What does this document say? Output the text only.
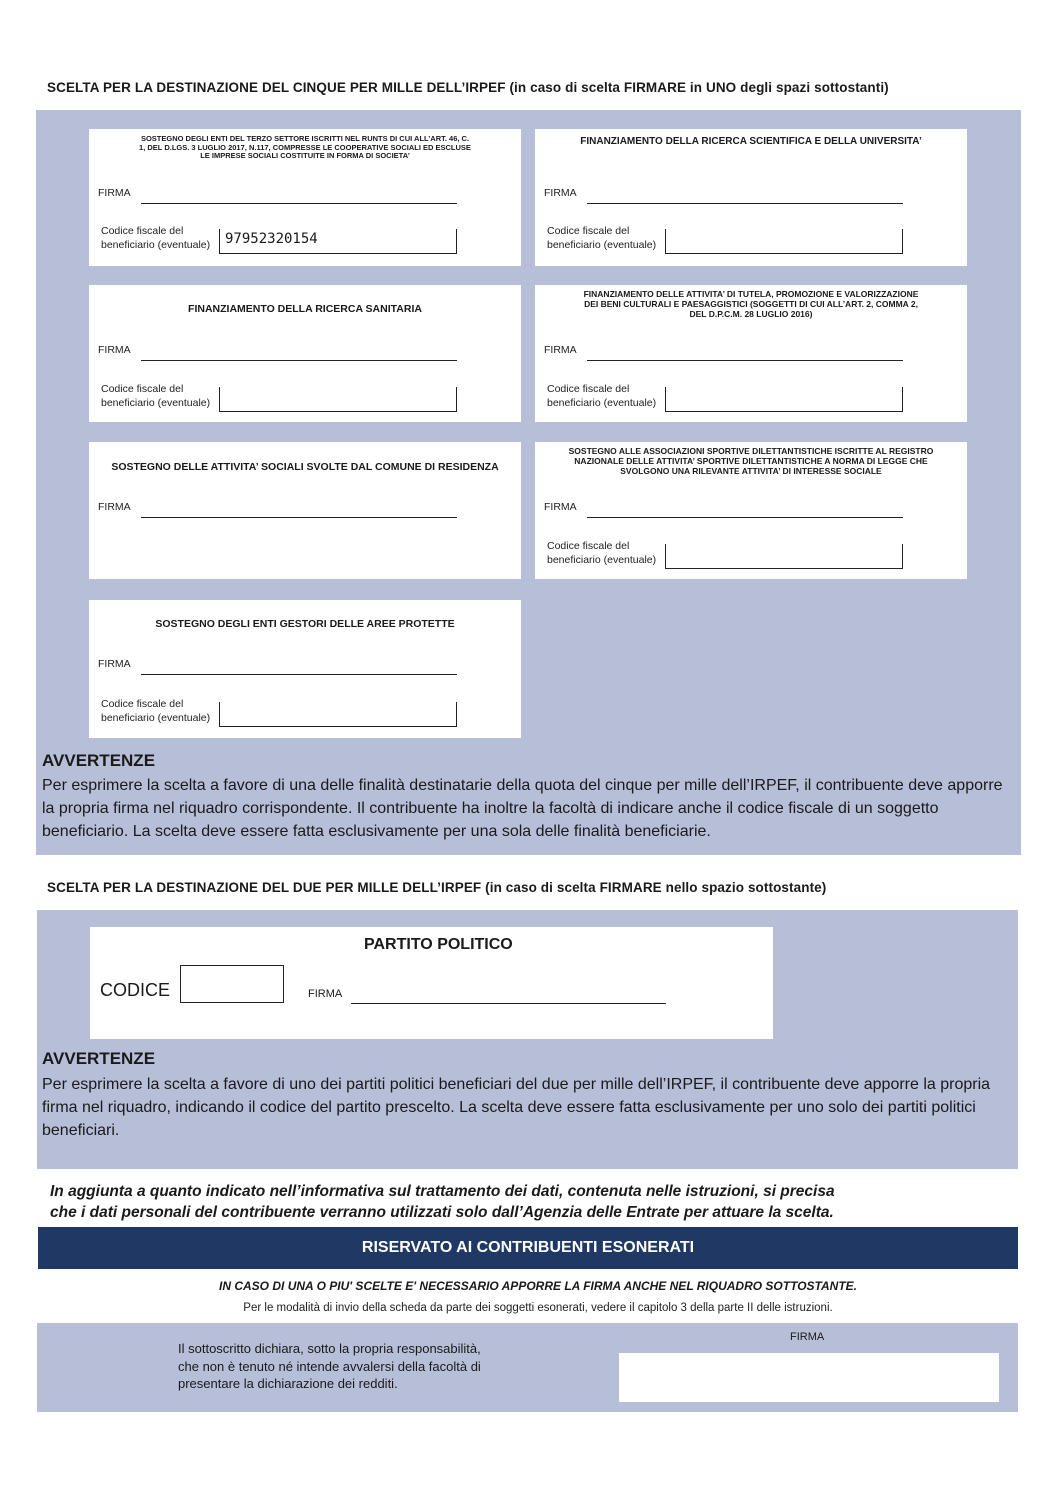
SCELTA PER LA DESTINAZIONE DEL CINQUE PER MILLE DELL’IRPEF (in caso di scelta FIRMARE in UNO degli spazi sottostanti)
SOSTEGNO DEGLI ENTI DEL TERZO SETTORE ISCRITTI NEL RUNTS DI CUI ALL’ART. 46, C. 1, DEL D.LGS. 3 LUGLIO 2017, N.117, COMPRESSE LE COOPERATIVE SOCIALI ED ESCLUSE LE IMPRESE SOCIALI COSTITUITE IN FORMA DI SOCIETA’
FIRMA
Codice fiscale del
beneficiario (eventuale)	97952320154
FINANZIAMENTO DELLA RICERCA SCIENTIFICA E DELLA UNIVERSITA’
FIRMA
Codice fiscale del
beneficiario (eventuale)
FINANZIAMENTO DELLA RICERCA SANITARIA
FIRMA
Codice fiscale del
beneficiario (eventuale)
FINANZIAMENTO DELLE ATTIVITA’ DI TUTELA, PROMOZIONE E VALORIZZAZIONE DEI BENI CULTURALI E PAESAGGISTICI (SOGGETTI DI CUI ALL’ART. 2, COMMA 2, DEL D.P.C.M. 28 LUGLIO 2016)
FIRMA
Codice fiscale del
beneficiario (eventuale)
SOSTEGNO DELLE ATTIVITA’ SOCIALI SVOLTE DAL COMUNE DI RESIDENZA
FIRMA
SOSTEGNO ALLE ASSOCIAZIONI SPORTIVE DILETTANTISTICHE ISCRITTE AL REGISTRO NAZIONALE DELLE ATTIVITA’ SPORTIVE DILETTANTISTICHE A NORMA DI LEGGE CHE SVOLGONO UNA RILEVANTE ATTIVITA’ DI INTERESSE SOCIALE
FIRMA
Codice fiscale del
beneficiario (eventuale)
SOSTEGNO DEGLI ENTI GESTORI DELLE AREE PROTETTE
FIRMA
Codice fiscale del
beneficiario (eventuale)
AVVERTENZE
Per esprimere la scelta a favore di una delle finalità destinatarie della quota del cinque per mille dell’IRPEF, il contribuente deve apporre la propria firma nel riquadro corrispondente. Il contribuente ha inoltre la facoltà di indicare anche il codice fiscale di un soggetto beneficiario. La scelta deve essere fatta esclusivamente per una sola delle finalità beneficiarie.
SCELTA PER LA DESTINAZIONE DEL DUE PER MILLE DELL’IRPEF (in caso di scelta FIRMARE nello spazio sottostante)
PARTITO POLITICO
CODICE	FIRMA
AVVERTENZE
Per esprimere la scelta a favore di uno dei partiti politici beneficiari del due per mille dell’IRPEF, il contribuente deve apporre la propria firma nel riquadro, indicando il codice del partito prescelto. La scelta deve essere fatta esclusivamente per uno solo dei partiti politici beneficiari.
In aggiunta a quanto indicato nell’informativa sul trattamento dei dati, contenuta nelle istruzioni, si precisa
che i dati personali del contribuente verranno utilizzati solo dall’Agenzia delle Entrate per attuare la scelta.
RISERVATO AI CONTRIBUENTI ESONERATI
IN CASO DI UNA O PIU' SCELTE E' NECESSARIO APPORRE LA FIRMA ANCHE NEL RIQUADRO SOTTOSTANTE.
Per le modalità di invio della scheda da parte dei soggetti esonerati, vedere il capitolo 3 della parte II delle istruzioni.
Il sottoscritto dichiara, sotto la propria responsabilità,
che non è tenuto né intende avvalersi della facoltà di
presentare la dichiarazione dei redditi.
FIRMA
